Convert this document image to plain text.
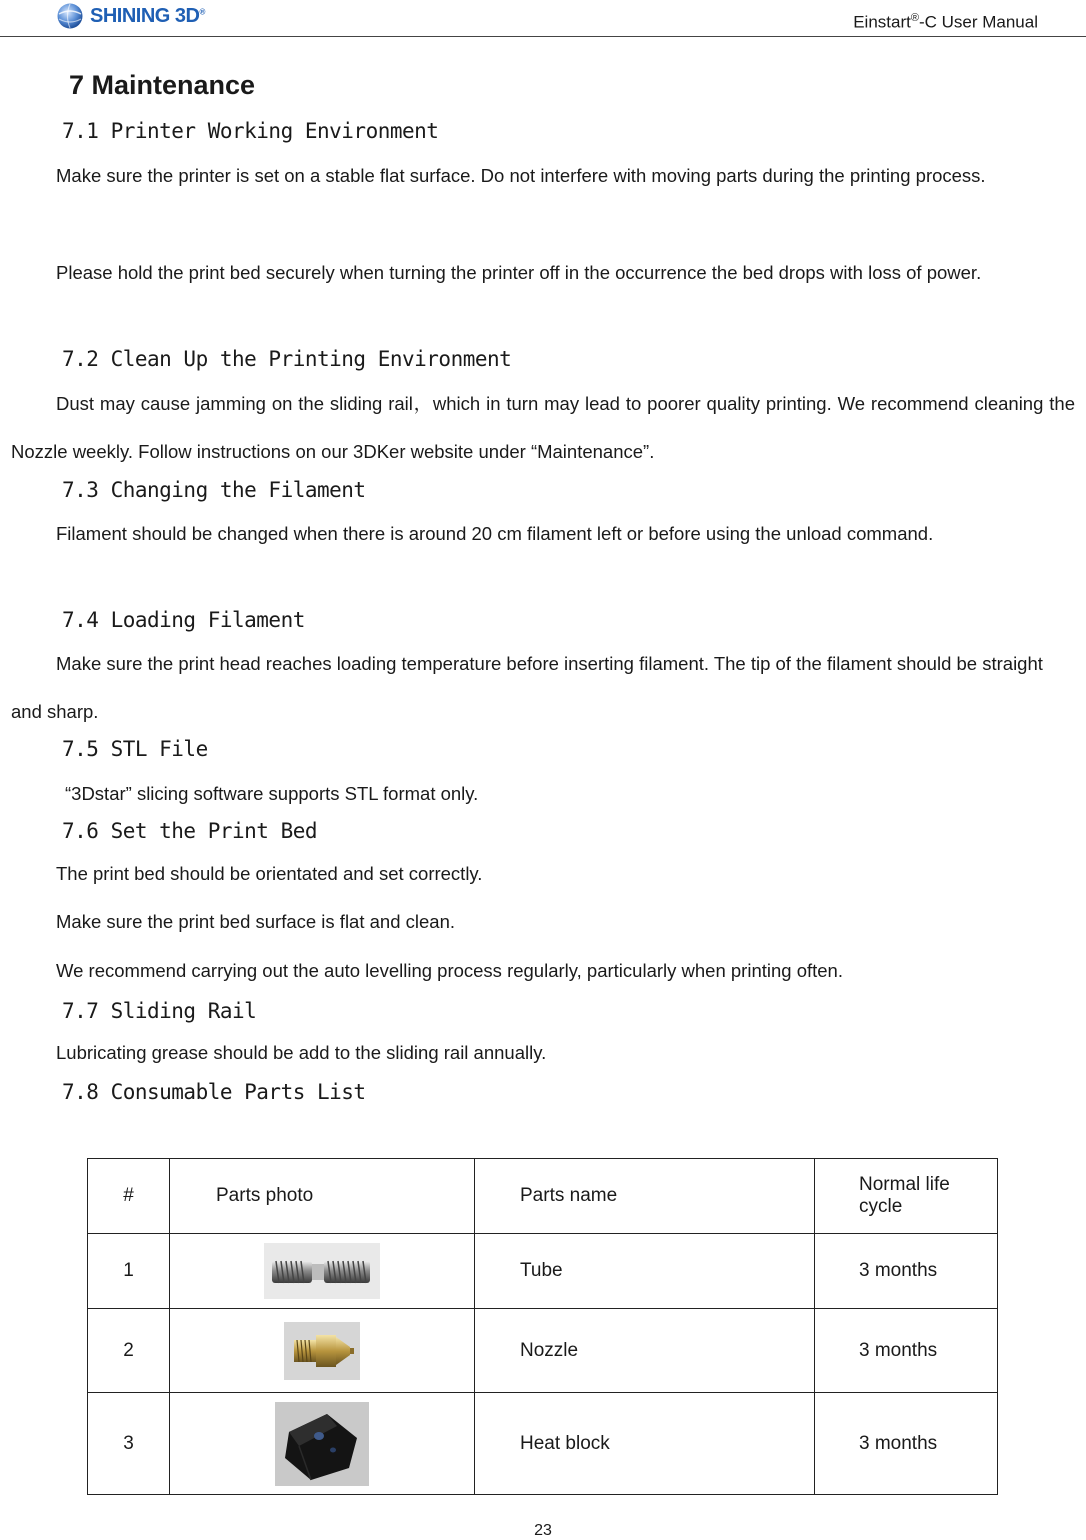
SHINING 3D®
Einstart®-C User Manual
7 Maintenance
7.1 Printer Working Environment
Make sure the printer is set on a stable flat surface. Do not interfere with moving parts during the printing process.
Please hold the print bed securely when turning the printer off in the occurrence the bed drops with loss of power.
7.2 Clean Up the Printing Environment
Dust may cause jamming on the sliding rail，which in turn may lead to poorer quality printing. We recommend cleaning the Nozzle weekly. Follow instructions on our 3DKer website under “Maintenance”.
7.3 Changing the Filament
Filament should be changed when there is around 20 cm filament left or before using the unload command.
7.4 Loading Filament
Make sure the print head reaches loading temperature before inserting filament. The tip of the filament should be straight and sharp.
7.5 STL File
“3Dstar” slicing software supports STL format only.
7.6 Set the Print Bed
The print bed should be orientated and set correctly.
Make sure the print bed surface is flat and clean.
We recommend carrying out the auto levelling process regularly, particularly when printing often.
7.7 Sliding Rail
Lubricating grease should be add to the sliding rail annually.
7.8 Consumable Parts List
#	Parts photo	Parts name	Normal life cycle
1		Tube	3 months
2		Nozzle	3 months
3		Heat block	3 months
23
